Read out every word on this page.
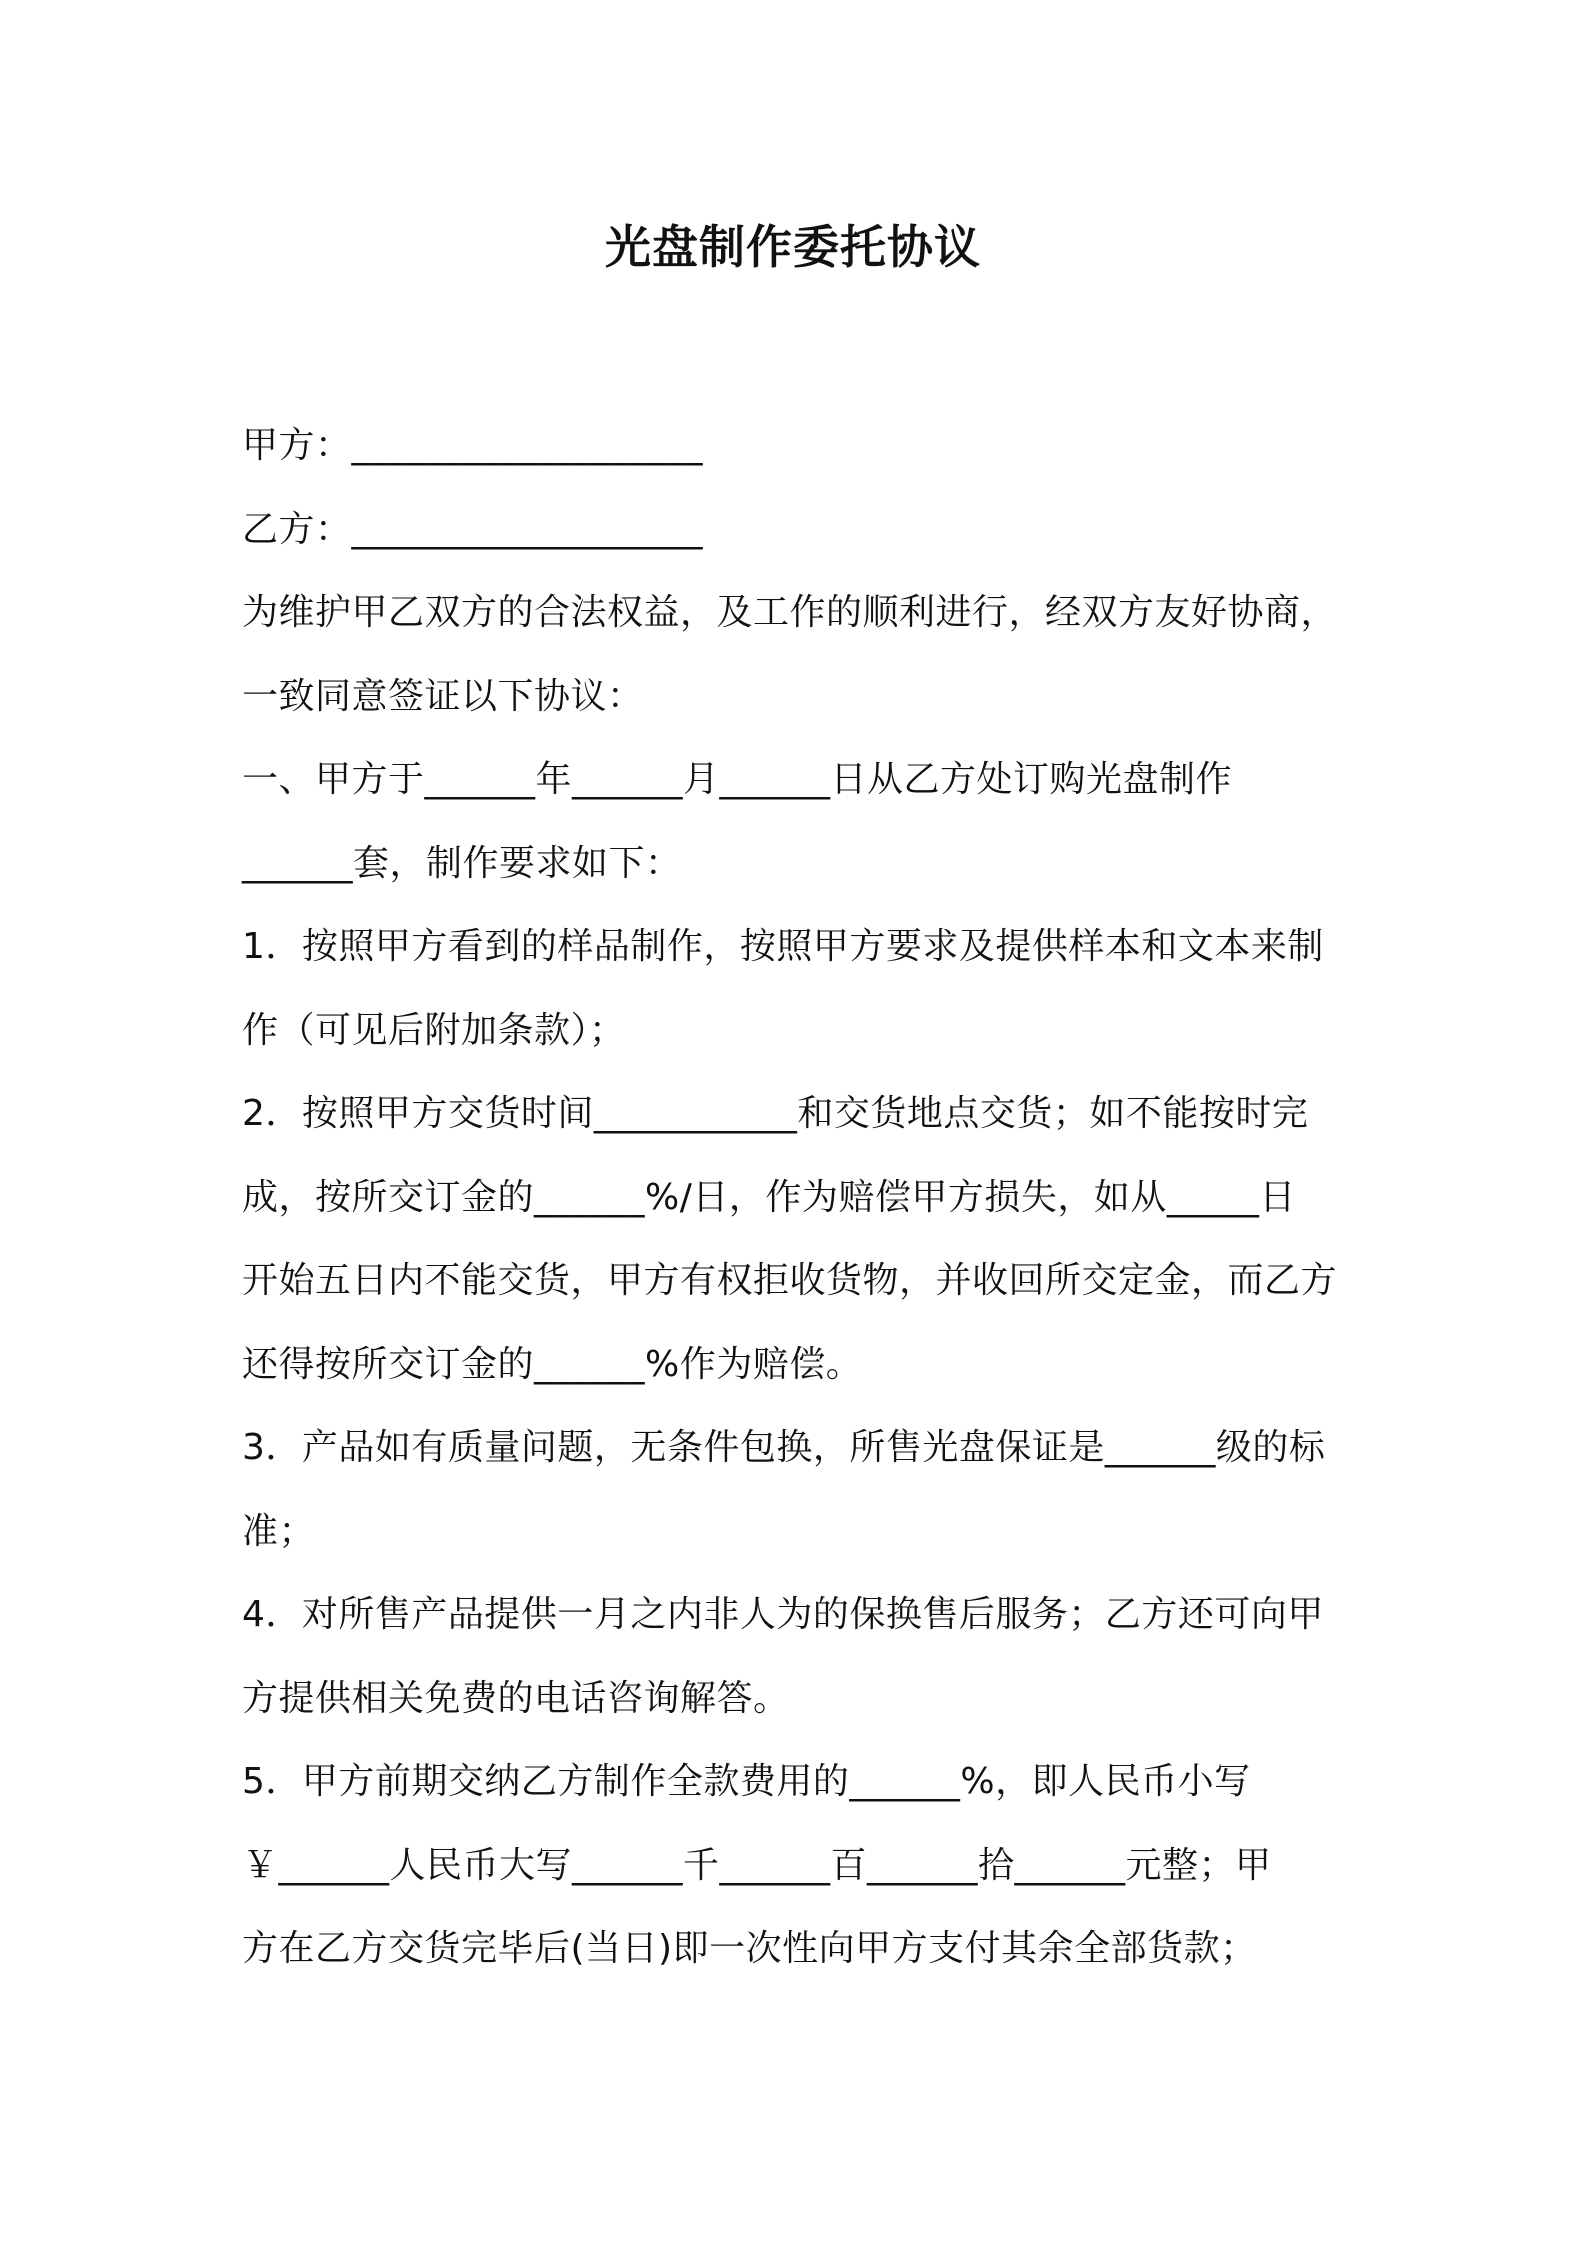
光盘制作委托协议
甲方：___________________
乙方：___________________
为维护甲乙双方的合法权益，及工作的顺利进行，经双方友好协商，
一致同意签证以下协议：
一、甲方于______年______月______日从乙方处订购光盘制作
______套，制作要求如下：
1．按照甲方看到的样品制作，按照甲方要求及提供样本和文本来制
作（可见后附加条款）；
2．按照甲方交货时间___________和交货地点交货；如不能按时完
成，按所交订金的______%/日，作为赔偿甲方损失，如从_____日
开始五日内不能交货，甲方有权拒收货物，并收回所交定金，而乙方
还得按所交订金的______%作为赔偿。
3．产品如有质量问题，无条件包换，所售光盘保证是______级的标
准；
4．对所售产品提供一月之内非人为的保换售后服务；乙方还可向甲
方提供相关免费的电话咨询解答。
5．甲方前期交纳乙方制作全款费用的______%，即人民币小写
￥______人民币大写______千______百______拾______元整；甲
方在乙方交货完毕后(当日)即一次性向甲方支付其余全部货款；
